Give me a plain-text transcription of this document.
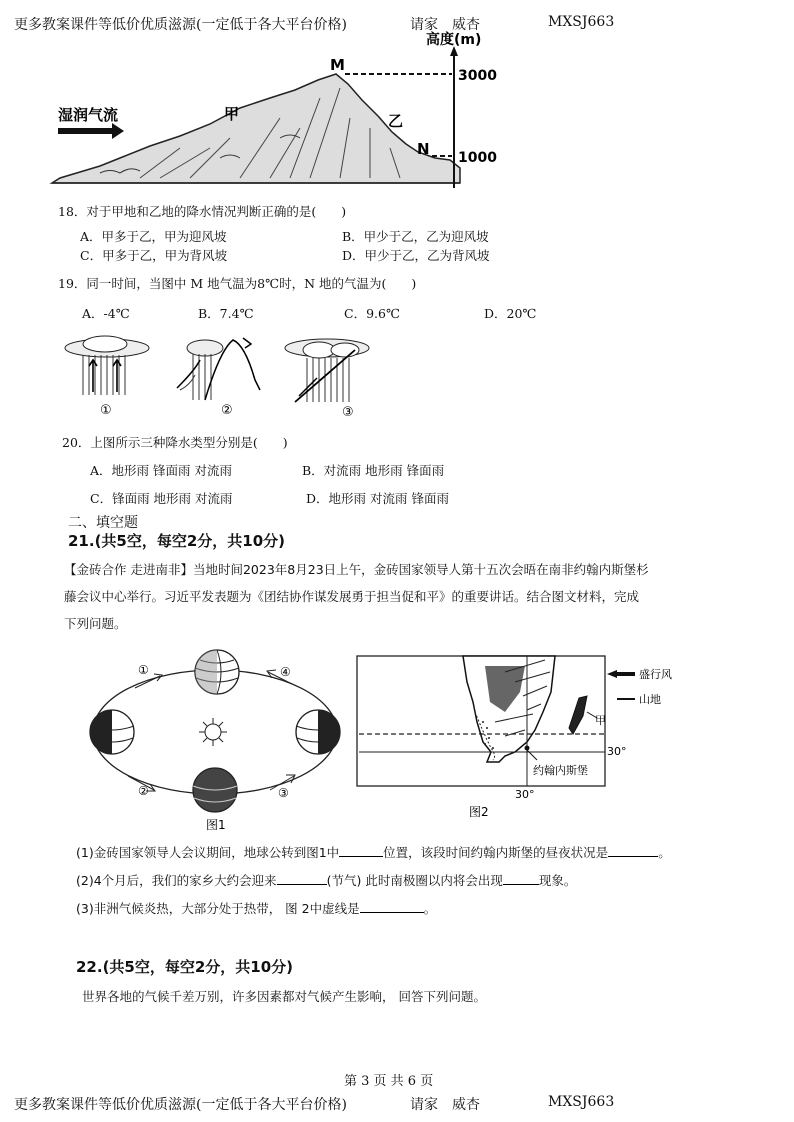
更多教案课件等低价优质滋源(一定低于各大平台价格)	请家　威杏	MXSJ663
湿润气流	甲	乙
M
N
高度(m)
3000
1000
18．对于甲地和乙地的降水情况判断正确的是(　　)
A．甲多于乙，甲为迎风坡	B．甲少于乙，乙为迎风坡
C．甲多于乙，甲为背风坡	D．甲少于乙，乙为背风坡
19．同一时间，当图中 M 地气温为8℃时，N 地的气温为(　　)
A．-4℃	B．7.4℃	C．9.6℃	D．20℃
①	②	③
20．上图所示三种降水类型分别是(　　)
A．地形雨 锋面雨 对流雨	B．对流雨 地形雨 锋面雨
C．锋面雨 地形雨 对流雨	D．地形雨 对流雨 锋面雨
二、填空题
21.(共5空，每空2分，共10分)
【金砖合作 走进南非】当地时间2023年8月23日上午，金砖国家领导人第十五次会晤在南非约翰内斯堡杉
藤会议中心举行。习近平发表题为《团结协作谋发展勇于担当促和平》的重要讲话。结合图文材料，完成
下列问题。
①
②	③
④
图1
约翰内斯堡
30°
30°
图2
盛行风
山地
甲
(1)金砖国家领导人会议期间，地球公转到图1中	位置，该段时间约翰内斯堡的昼夜状况是	。
(2)4个月后，我们的家乡大约会迎来	(节气) 此时南极圈以内将会出现	现象。
(3)非洲气候炎热，大部分处于热带， 图 2中虚线是	。
22.(共5空，每空2分，共10分)
世界各地的气候千差万别，许多因素都对气候产生影响， 回答下列问题。
第 3 页 共 6 页
更多教案课件等低价优质滋源(一定低于各大平台价格)	请家　威杏	MXSJ663
